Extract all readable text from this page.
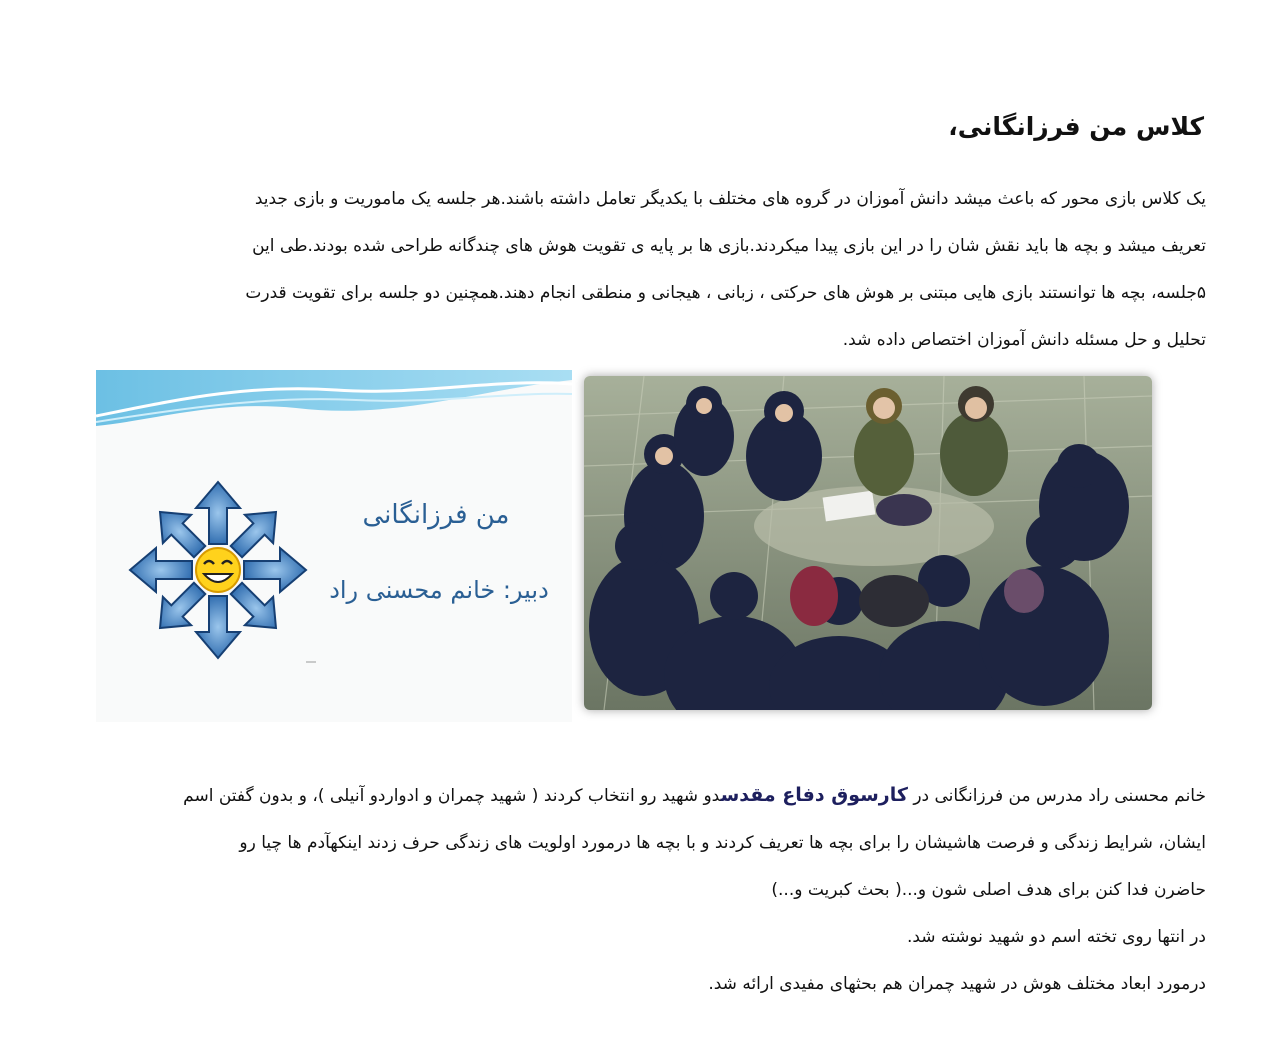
کلاس من فرزانگانی،
یک کلاس بازی محور که باعث میشد دانش آموزان در گروه های مختلف با یکدیگر تعامل داشته باشند.هر جلسه یک ماموریت و بازی جدید
تعریف میشد و بچه ها باید نقش شان را در این بازی پیدا میکردند.بازی ها بر پایه ی تقویت هوش های چندگانه طراحی شده بودند.طی این
۵جلسه، بچه ها توانستند بازی هایی مبتنی بر هوش های حرکتی ، زبانی ، هیجانی و منطقی انجام دهند.همچنین دو جلسه برای تقویت قدرت
تحلیل و حل مسئله دانش آموزان اختصاص داده شد.
من فرزانگانی
دبیر: خانم محسنی راد
خانم محسنی راد مدرس من فرزانگانی در کارسوق دفاع مقدسدو شهید رو انتخاب کردند ( شهید چمران و ادواردو آنیلی )، و بدون گفتن اسم
ایشان، شرایط زندگی و فرصت هاشیشان را برای بچه ها تعریف کردند و با بچه ها درمورد اولویت های زندگی حرف زدند اینکهآدم ها چیا رو
حاضرن فدا کنن برای هدف اصلی شون و...( بحث کبریت و...)
در انتها روی تخته اسم دو شهید نوشته شد.
درمورد ابعاد مختلف هوش در شهید چمران هم بحثهای مفیدی ارائه شد.
